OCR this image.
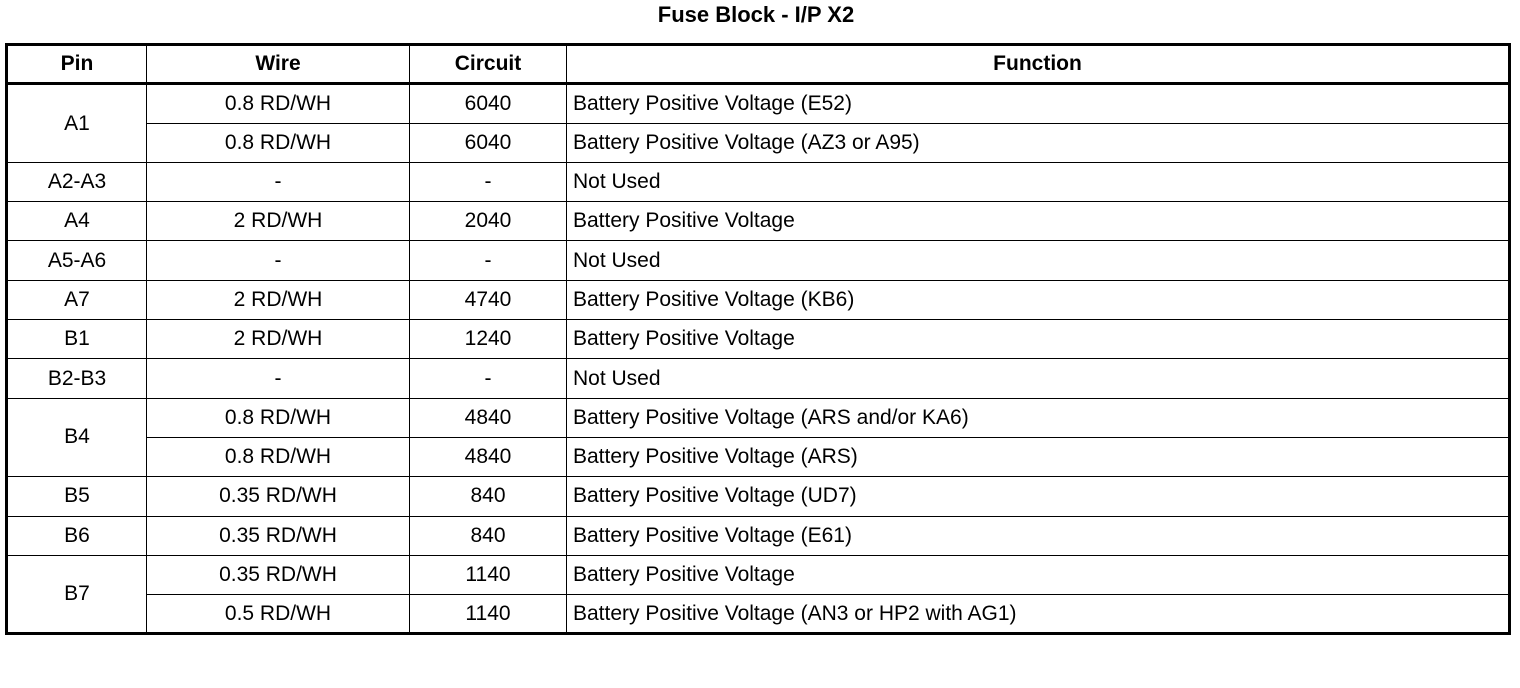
Fuse Block - I/P X2
Pin	Wire	Circuit	Function
A1	0.8 RD/WH	6040	Battery Positive Voltage (E52)
	0.8 RD/WH	6040	Battery Positive Voltage (AZ3 or A95)
A2-A3	-	-	Not Used
A4	2 RD/WH	2040	Battery Positive Voltage
A5-A6	-	-	Not Used
A7	2 RD/WH	4740	Battery Positive Voltage (KB6)
B1	2 RD/WH	1240	Battery Positive Voltage
B2-B3	-	-	Not Used
B4	0.8 RD/WH	4840	Battery Positive Voltage (ARS and/or KA6)
	0.8 RD/WH	4840	Battery Positive Voltage (ARS)
B5	0.35 RD/WH	840	Battery Positive Voltage (UD7)
B6	0.35 RD/WH	840	Battery Positive Voltage (E61)
B7	0.35 RD/WH	1140	Battery Positive Voltage
	0.5 RD/WH	1140	Battery Positive Voltage (AN3 or HP2 with AG1)
